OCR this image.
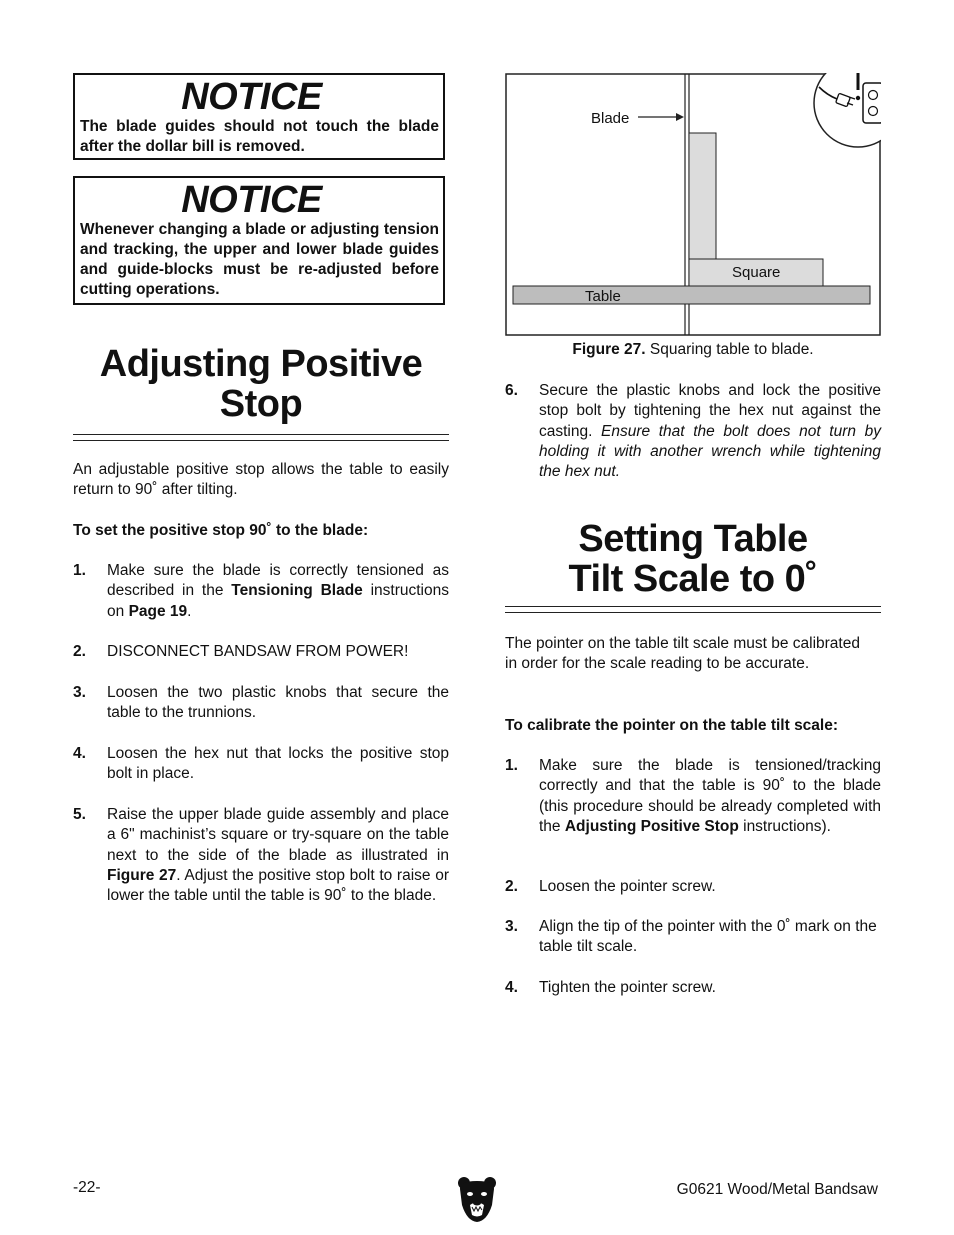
NOTICE
The blade guides should not touch the blade after the dollar bill is removed.
NOTICE
Whenever changing a blade or adjusting tension and tracking, the upper and lower blade guides and guide-blocks must be re-adjusted before cutting operations.
Adjusting Positive
Stop

An adjustable positive stop allows the table to easily return to 90˚ after tilting.

To set the positive stop 90˚ to the blade:

1. Make sure the blade is correctly tensioned as described in the Tensioning Blade instructions on Page 19.
2. DISCONNECT BANDSAW FROM POWER!
3. Loosen the two plastic knobs that secure the table to the trunnions.
4. Loosen the hex nut that locks the positive stop bolt in place.
5. Raise the upper blade guide assembly and place a 6" machinist’s square or try-square on the table next to the side of the blade as illustrated in Figure 27. Adjust the positive stop bolt to raise or lower the table until the table is 90˚ to the blade.
Blade
Square
Table
Figure 27. Squaring table to blade.
6. Secure the plastic knobs and lock the positive stop bolt by tightening the hex nut against the casting. Ensure that the bolt does not turn by holding it with another wrench while tightening the hex nut.
Setting Table
Tilt Scale to 0˚

The pointer on the table tilt scale must be calibrated in order for the scale reading to be accurate.

To calibrate the pointer on the table tilt scale:

1. Make sure the blade is tensioned/tracking correctly and that the table is 90˚ to the blade (this procedure should be already completed with the Adjusting Positive Stop instructions).
2. Loosen the pointer screw.
3. Align the tip of the pointer with the 0˚ mark on the table tilt scale.
4. Tighten the pointer screw.
-22-	G0621 Wood/Metal Bandsaw
